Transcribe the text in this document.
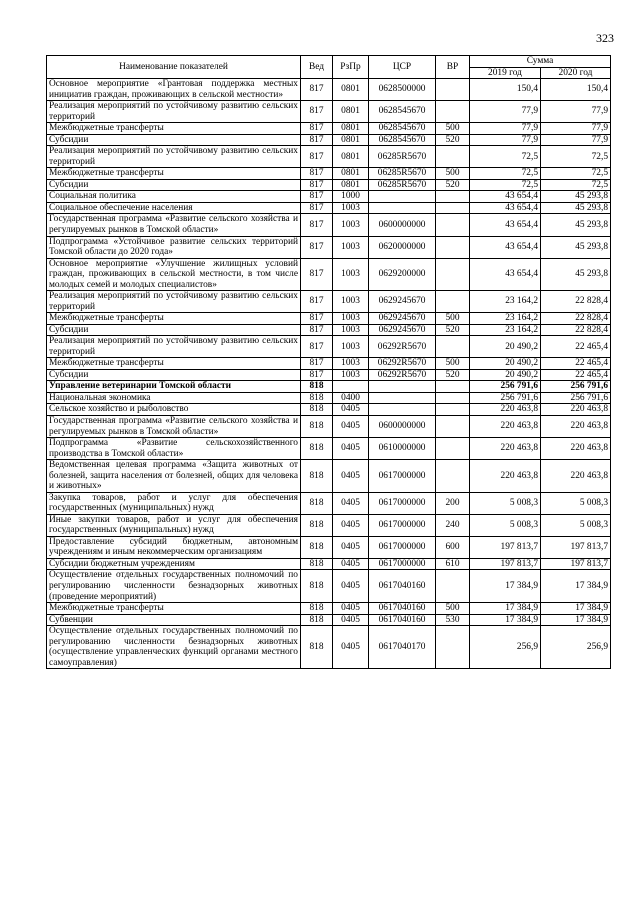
323
Наименование показателей	Вед	РзПр	ЦСР	ВР	Сумма	
					2019 год	2020 год
Основное мероприятие «Грантовая поддержка местных инициатив граждан, проживающих в сельской местности»	817	0801	0628500000		150,4	150,4
Реализация мероприятий по устойчивому развитию сельских территорий	817	0801	0628545670		77,9	77,9
Межбюджетные трансферты	817	0801	0628545670	500	77,9	77,9
Субсидии	817	0801	0628545670	520	77,9	77,9
Реализация мероприятий по устойчивому развитию сельских территорий	817	0801	06285R5670		72,5	72,5
Межбюджетные трансферты	817	0801	06285R5670	500	72,5	72,5
Субсидии	817	0801	06285R5670	520	72,5	72,5
Социальная политика	817	1000			43 654,4	45 293,8
Социальное обеспечение населения	817	1003			43 654,4	45 293,8
Государственная программа «Развитие сельского хозяйства и регулируемых рынков в Томской области»	817	1003	0600000000		43 654,4	45 293,8
Подпрограмма «Устойчивое развитие сельских территорий Томской области до 2020 года»	817	1003	0620000000		43 654,4	45 293,8
Основное мероприятие «Улучшение жилищных условий граждан, проживающих в сельской местности, в том числе молодых семей и молодых специалистов»	817	1003	0629200000		43 654,4	45 293,8
Реализация мероприятий по устойчивому развитию сельских территорий	817	1003	0629245670		23 164,2	22 828,4
Межбюджетные трансферты	817	1003	0629245670	500	23 164,2	22 828,4
Субсидии	817	1003	0629245670	520	23 164,2	22 828,4
Реализация мероприятий по устойчивому развитию сельских территорий	817	1003	06292R5670		20 490,2	22 465,4
Межбюджетные трансферты	817	1003	06292R5670	500	20 490,2	22 465,4
Субсидии	817	1003	06292R5670	520	20 490,2	22 465,4
Управление ветеринарии Томской области	818				256 791,6	256 791,6
Национальная экономика	818	0400			256 791,6	256 791,6
Сельское хозяйство и рыболовство	818	0405			220 463,8	220 463,8
Государственная программа «Развитие сельского хозяйства и регулируемых рынков в Томской области»	818	0405	0600000000		220 463,8	220 463,8
Подпрограмма «Развитие сельскохозяйственного производства в Томской области»	818	0405	0610000000		220 463,8	220 463,8
Ведомственная целевая программа «Защита животных от болезней, защита населения от болезней, общих для человека и животных»	818	0405	0617000000		220 463,8	220 463,8
Закупка товаров, работ и услуг для обеспечения государственных (муниципальных) нужд	818	0405	0617000000	200	5 008,3	5 008,3
Иные закупки товаров, работ и услуг для обеспечения государственных (муниципальных) нужд	818	0405	0617000000	240	5 008,3	5 008,3
Предоставление субсидий бюджетным, автономным учреждениям и иным некоммерческим организациям	818	0405	0617000000	600	197 813,7	197 813,7
Субсидии бюджетным учреждениям	818	0405	0617000000	610	197 813,7	197 813,7
Осуществление отдельных государственных полномочий по регулированию численности безнадзорных животных (проведение мероприятий)	818	0405	0617040160		17 384,9	17 384,9
Межбюджетные трансферты	818	0405	0617040160	500	17 384,9	17 384,9
Субвенции	818	0405	0617040160	530	17 384,9	17 384,9
Осуществление отдельных государственных полномочий по регулированию численности безнадзорных животных (осуществление управленческих функций органами местного самоуправления)	818	0405	0617040170		256,9	256,9
